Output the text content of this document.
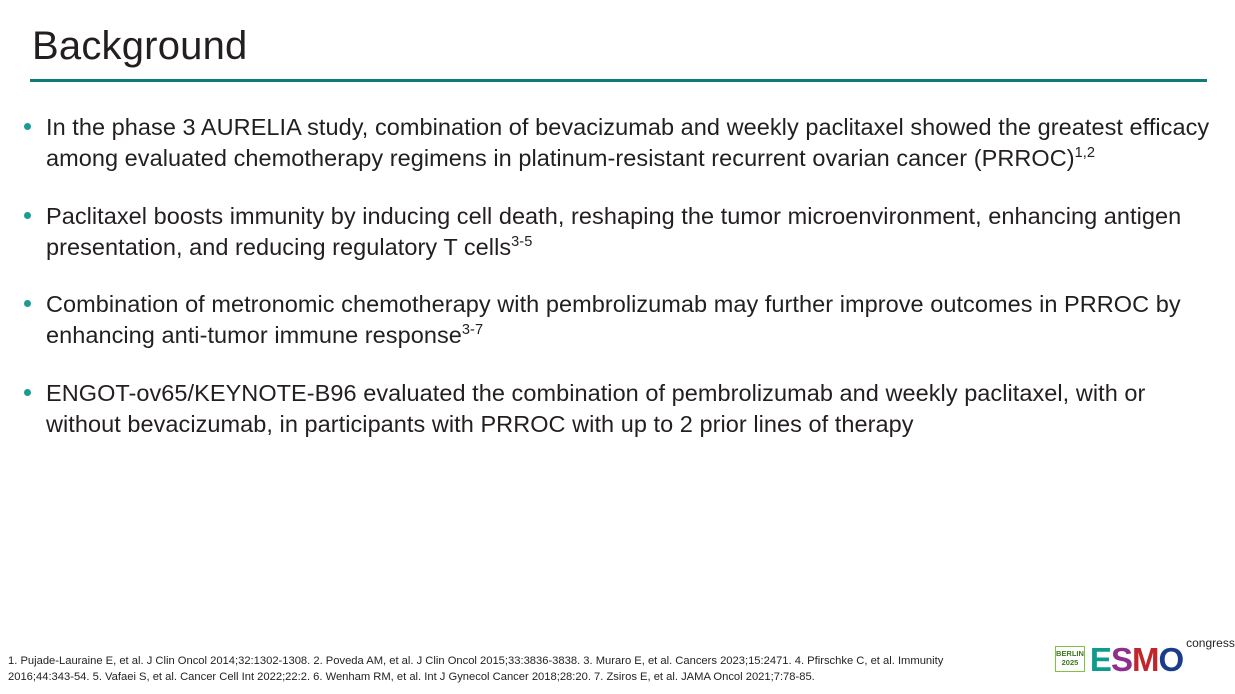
Background
In the phase 3 AURELIA study, combination of bevacizumab and weekly paclitaxel showed the greatest efficacy among evaluated chemotherapy regimens in platinum-resistant recurrent ovarian cancer (PRROC)$^{1,2}$
Paclitaxel boosts immunity by inducing cell death, reshaping the tumor microenvironment, enhancing antigen presentation, and reducing regulatory T cells$^{3-5}$
Combination of metronomic chemotherapy with pembrolizumab may further improve outcomes in PRROC by enhancing anti-tumor immune response$^{3-7}$
ENGOT-ov65/KEYNOTE-B96 evaluated the combination of pembrolizumab and weekly paclitaxel, with or without bevacizumab, in participants with PRROC with up to 2 prior lines of therapy
1. Pujade-Lauraine E, et al. J Clin Oncol 2014;32:1302-1308. 2. Poveda AM, et al. J Clin Oncol 2015;33:3836-3838. 3. Muraro E, et al. Cancers 2023;15:2471. 4. Pfirschke C, et al. Immunity 2016;44:343-54. 5. Vafaei S, et al. Cancer Cell Int 2022;22:2. 6. Wenham RM, et al. Int J Gynecol Cancer 2018;28:20. 7. Zsiros E, et al. JAMA Oncol 2021;7:78-85.
BERLIN
2025 E S M O congress
